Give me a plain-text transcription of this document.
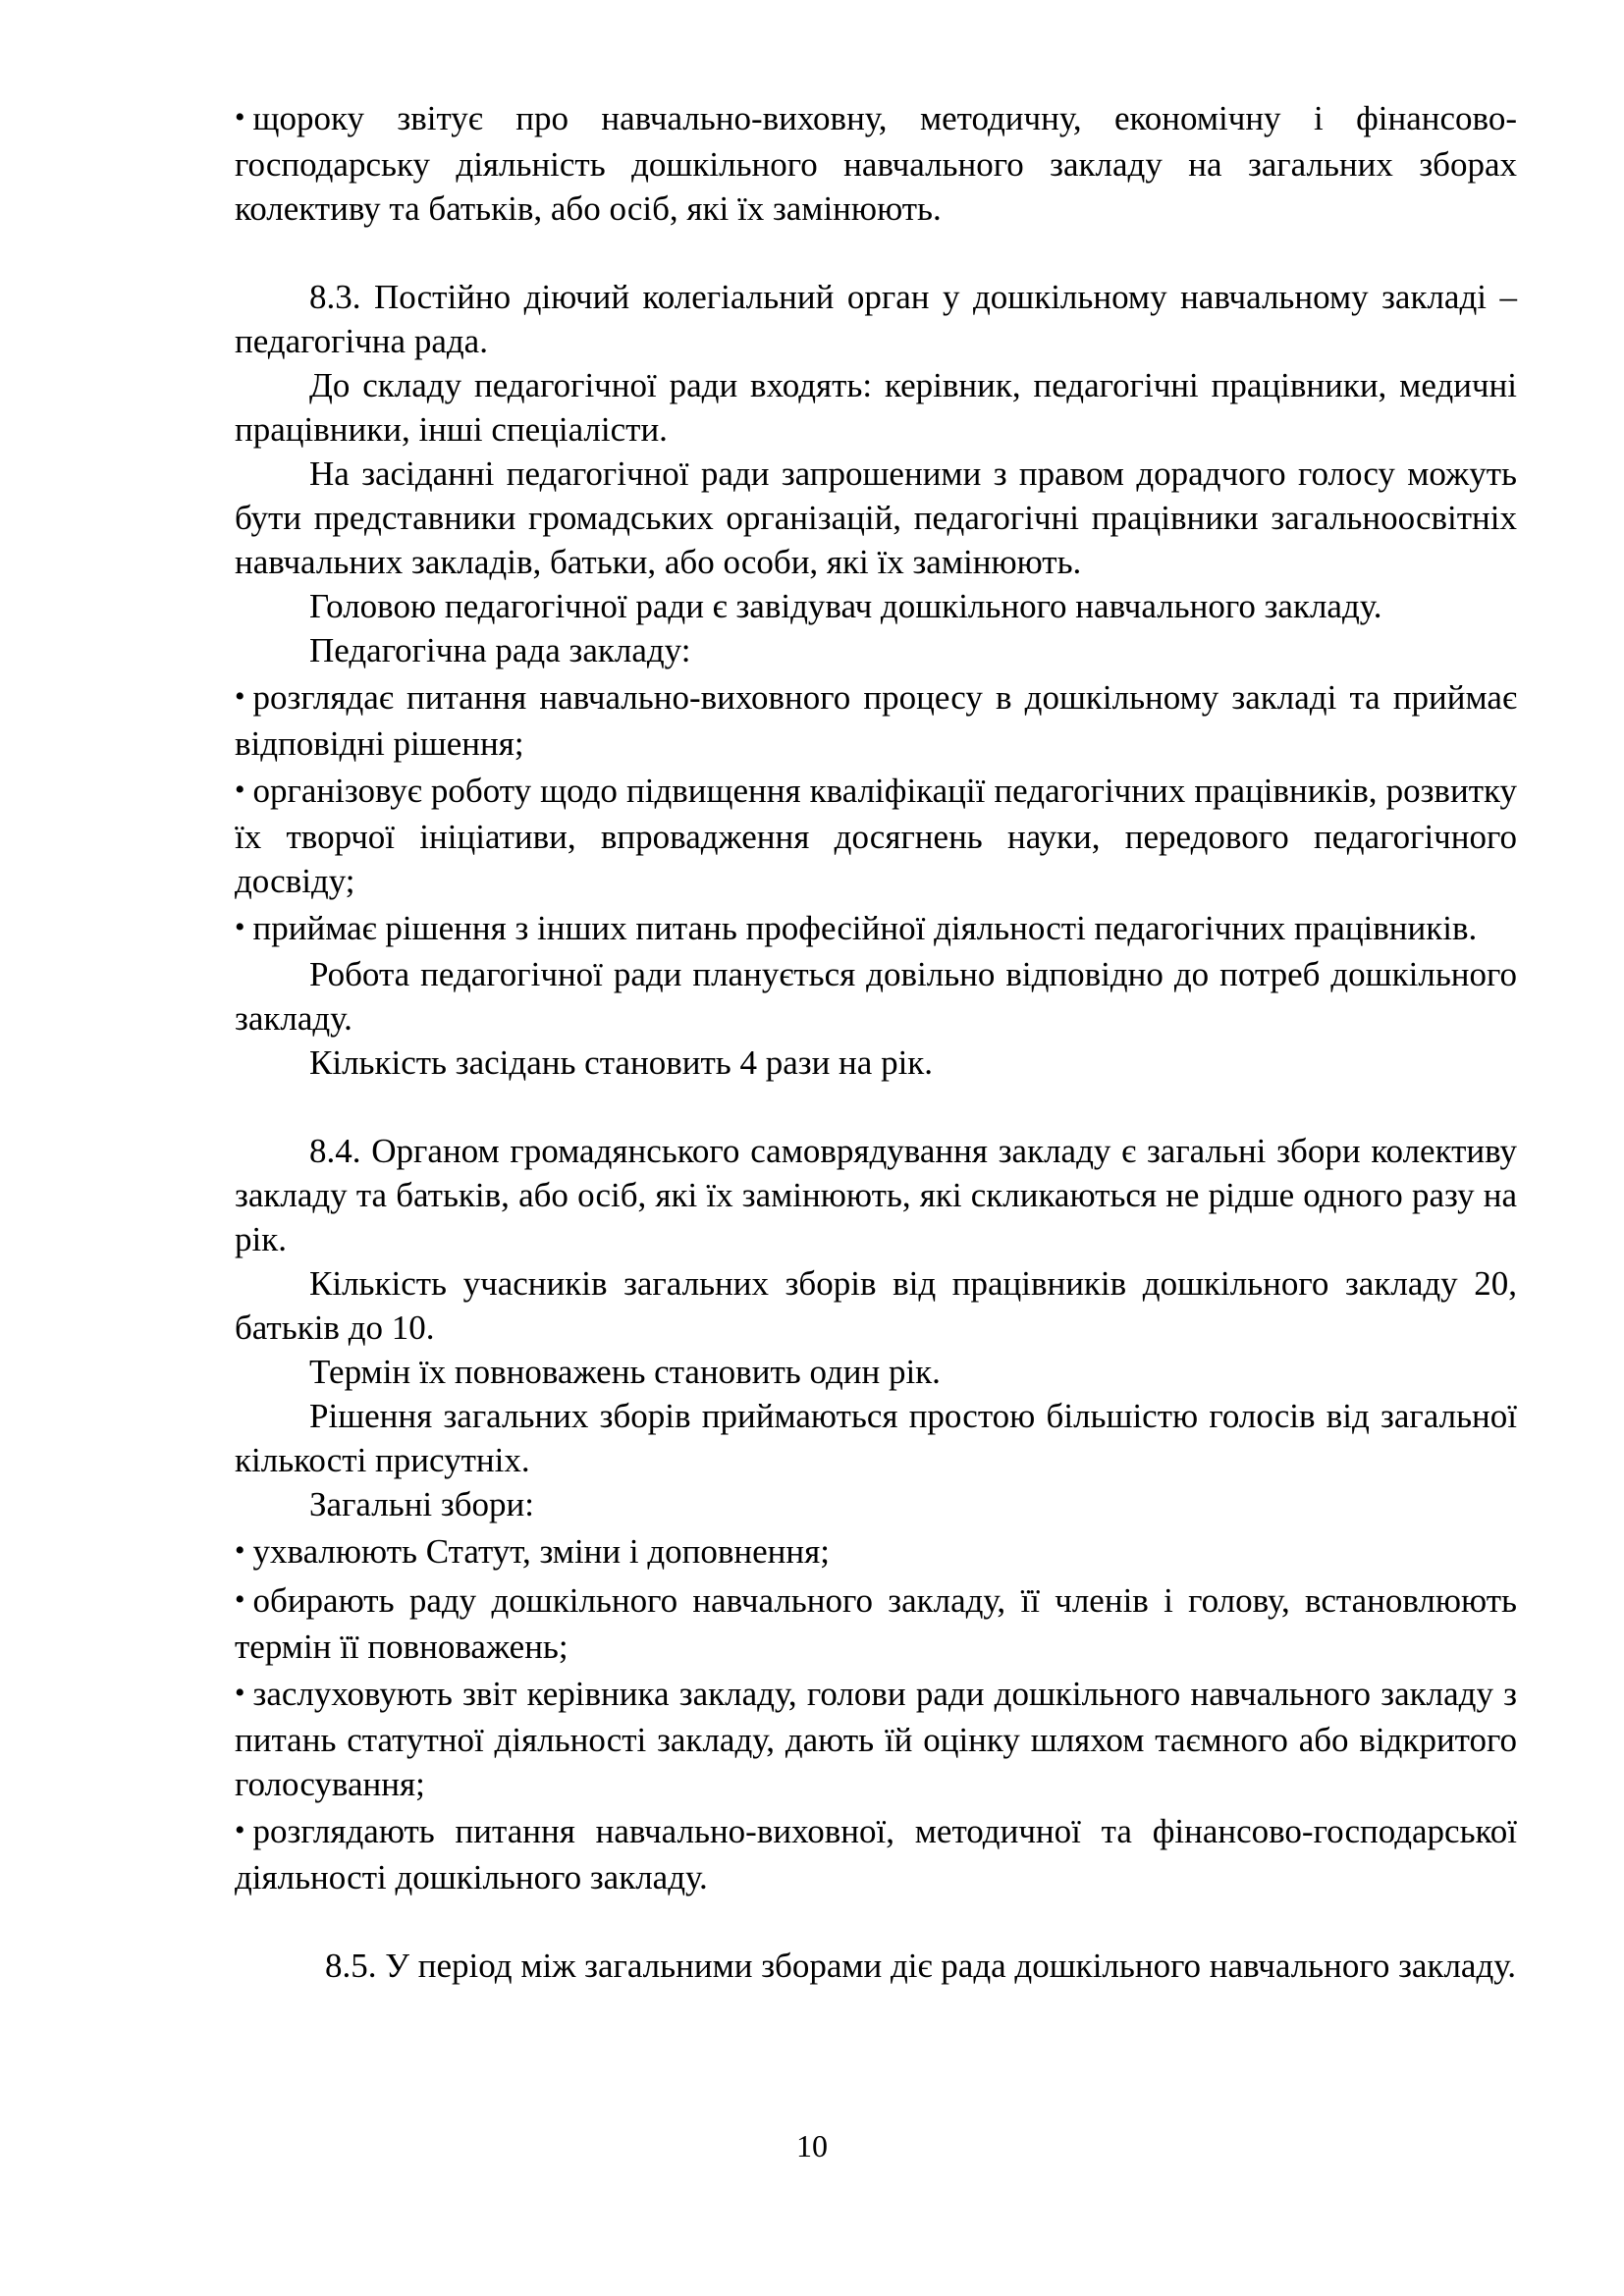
• щороку звітує про навчально-виховну, методичну, економічну і фінансово-господарську діяльність дошкільного навчального закладу на загальних зборах колективу та батьків, або осіб, які їх замінюють.

8.3. Постійно діючий колегіальний орган у дошкільному навчальному закладі – педагогічна рада.

До складу педагогічної ради входять: керівник, педагогічні працівники, медичні працівники, інші спеціалісти.

На засіданні педагогічної ради запрошеними з правом дорадчого голосу можуть бути представники громадських організацій, педагогічні працівники загальноосвітніх навчальних закладів, батьки, або особи, які їх замінюють.

Головою педагогічної ради є завідувач дошкільного навчального закладу.

Педагогічна рада закладу:

• розглядає питання навчально-виховного процесу в дошкільному закладі та приймає відповідні рішення;

• організовує роботу щодо підвищення кваліфікації педагогічних працівників, розвитку їх творчої ініціативи, впровадження досягнень науки, передового педагогічного досвіду;

• приймає рішення з інших питань професійної діяльності педагогічних працівників.

Робота педагогічної ради планується довільно відповідно до потреб дошкільного закладу.

Кількість засідань становить 4 рази на рік.

8.4. Органом громадянського самоврядування закладу є загальні збори колективу закладу та батьків, або осіб, які їх замінюють, які скликаються не рідше одного разу на рік.

Кількість учасників загальних зборів від працівників дошкільного закладу 20, батьків до 10.

Термін їх повноважень становить один рік.

Рішення загальних зборів приймаються простою більшістю голосів від загальної кількості присутніх.

Загальні збори:

• ухвалюють Статут, зміни і доповнення;

• обирають раду дошкільного навчального закладу, її членів і голову, встановлюють термін її повноважень;

• заслуховують звіт керівника закладу, голови ради дошкільного навчального закладу з питань статутної діяльності закладу, дають їй оцінку шляхом таємного або відкритого голосування;

• розглядають питання навчально-виховної, методичної та фінансово-господарської діяльності дошкільного закладу.

8.5. У період між загальними зборами діє рада дошкільного навчального закладу.

10
